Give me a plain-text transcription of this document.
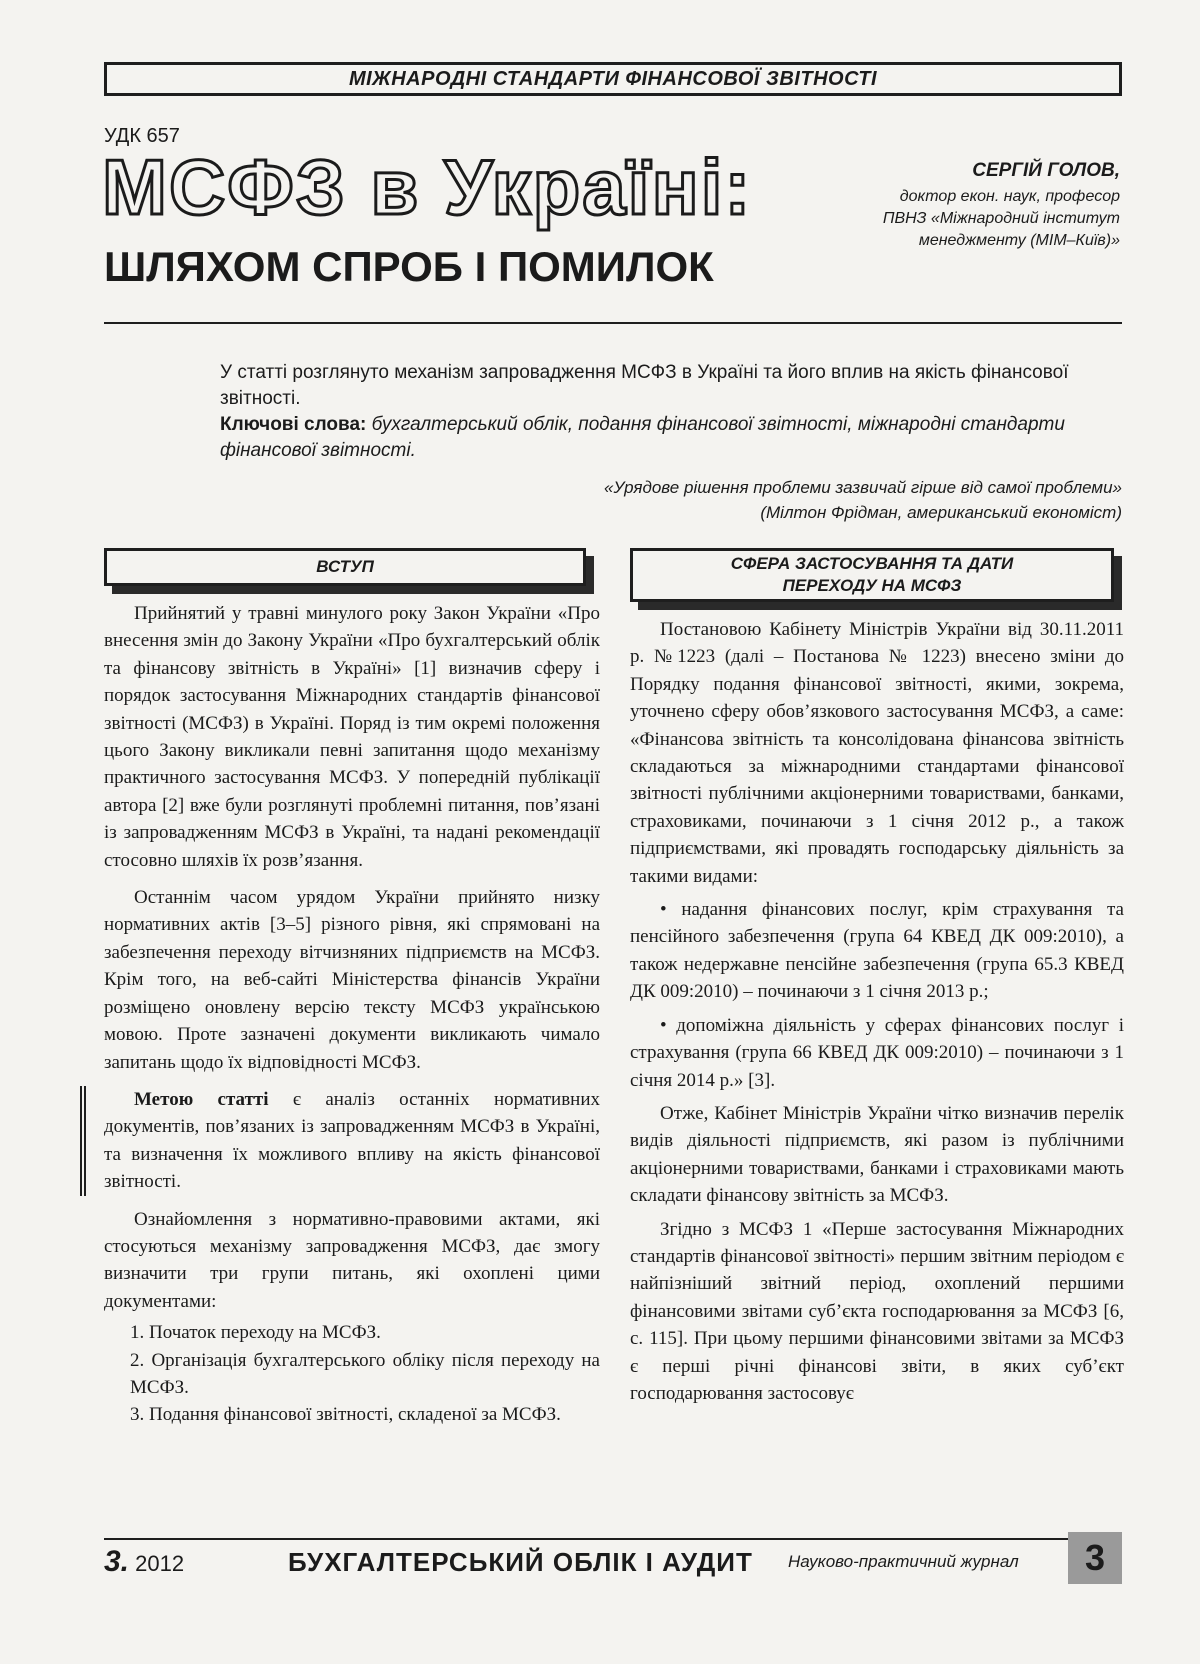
МІЖНАРОДНІ СТАНДАРТИ ФІНАНСОВОЇ ЗВІТНОСТІ
УДК 657
МСФЗ в Україні:
ШЛЯХОМ СПРОБ І ПОМИЛОК
СЕРГІЙ ГОЛОВ,
доктор екон. наук, професор
ПВНЗ «Міжнародний інститут
менеджменту (МІМ–Київ)»

У статті розглянуто механізм запровадження МСФЗ в Україні та його вплив на якість фінансової звітності.

Ключові слова: бухгалтерський облік, подання фінансової звітності, міжнародні стандарти фінансової звітності.

«Урядове рішення проблеми зазвичай гірше від самої проблеми»
(Мілтон Фрідман, американський економіст)
ВСТУП

Прийнятий у травні минулого року Закон України «Про внесення змін до Закону України «Про бухгалтерський облік та фінансову звітність в Україні» [1] визначив сферу і порядок застосування Міжнародних стандартів фінансової звітності (МСФЗ) в Україні. Поряд із тим окремі положення цього Закону викликали певні запитання щодо механізму практичного застосування МСФЗ. У попередній публікації автора [2] вже були розглянуті проблемні питання, пов’язані із запровадженням МСФЗ в Україні, та надані рекомендації стосовно шляхів їх розв’язання.

Останнім часом урядом України прийнято низку нормативних актів [3–5] різного рівня, які спрямовані на забезпечення переходу вітчизняних підприємств на МСФЗ. Крім того, на веб-сайті Міністерства фінансів України розміщено оновлену версію тексту МСФЗ українською мовою. Проте зазначені документи викликають чимало запитань щодо їх відповідності МСФЗ.

Метою статті є аналіз останніх нормативних документів, пов’язаних із запровадженням МСФЗ в Україні, та визначення їх можливого впливу на якість фінансової звітності.

Ознайомлення з нормативно-правовими актами, які стосуються механізму запровадження МСФЗ, дає змогу визначити три групи питань, які охоплені цими документами:

1. Початок переходу на МСФЗ.

2. Організація бухгалтерського обліку після переходу на МСФЗ.

3. Подання фінансової звітності, складеної за МСФЗ.

СФЕРА ЗАСТОСУВАННЯ ТА ДАТИ
ПЕРЕХОДУ НА МСФЗ

Постановою Кабінету Міністрів України від 30.11.2011 р. №1223 (далі – Постанова № 1223) внесено зміни до Порядку подання фінансової звітності, якими, зокрема, уточнено сферу обов’язкового застосування МСФЗ, а саме: «Фінансова звітність та консолідована фінансова звітність складаються за міжнародними стандартами фінансової звітності публічними акціонерними товариствами, банками, страховиками, починаючи з 1 січня 2012 р., а також підприємствами, які провадять господарську діяльність за такими видами:

• надання фінансових послуг, крім страхування та пенсійного забезпечення (група 64 КВЕД ДК 009:2010), а також недержавне пенсійне забезпечення (група 65.3 КВЕД ДК 009:2010) – починаючи з 1 січня 2013 р.;

• допоміжна діяльність у сферах фінансових послуг і страхування (група 66 КВЕД ДК 009:2010) – починаючи з 1 січня 2014 р.» [3].

Отже, Кабінет Міністрів України чітко визначив перелік видів діяльності підприємств, які разом із публічними акціонерними товариствами, банками і страховиками мають складати фінансову звітність за МСФЗ.

Згідно з МСФЗ 1 «Перше застосування Міжнародних стандартів фінансової звітності» першим звітним періодом є найпізніший звітний період, охоплений першими фінансовими звітами суб’єкта господарювання за МСФЗ [6, с. 115]. При цьому першими фінансовими звітами за МСФЗ є перші річні фінансові звіти, в яких суб’єкт господарювання застосовує

3. 2012	БУХГАЛТЕРСЬКИЙ ОБЛІК І АУДИТ Науково-практичний журнал	3
